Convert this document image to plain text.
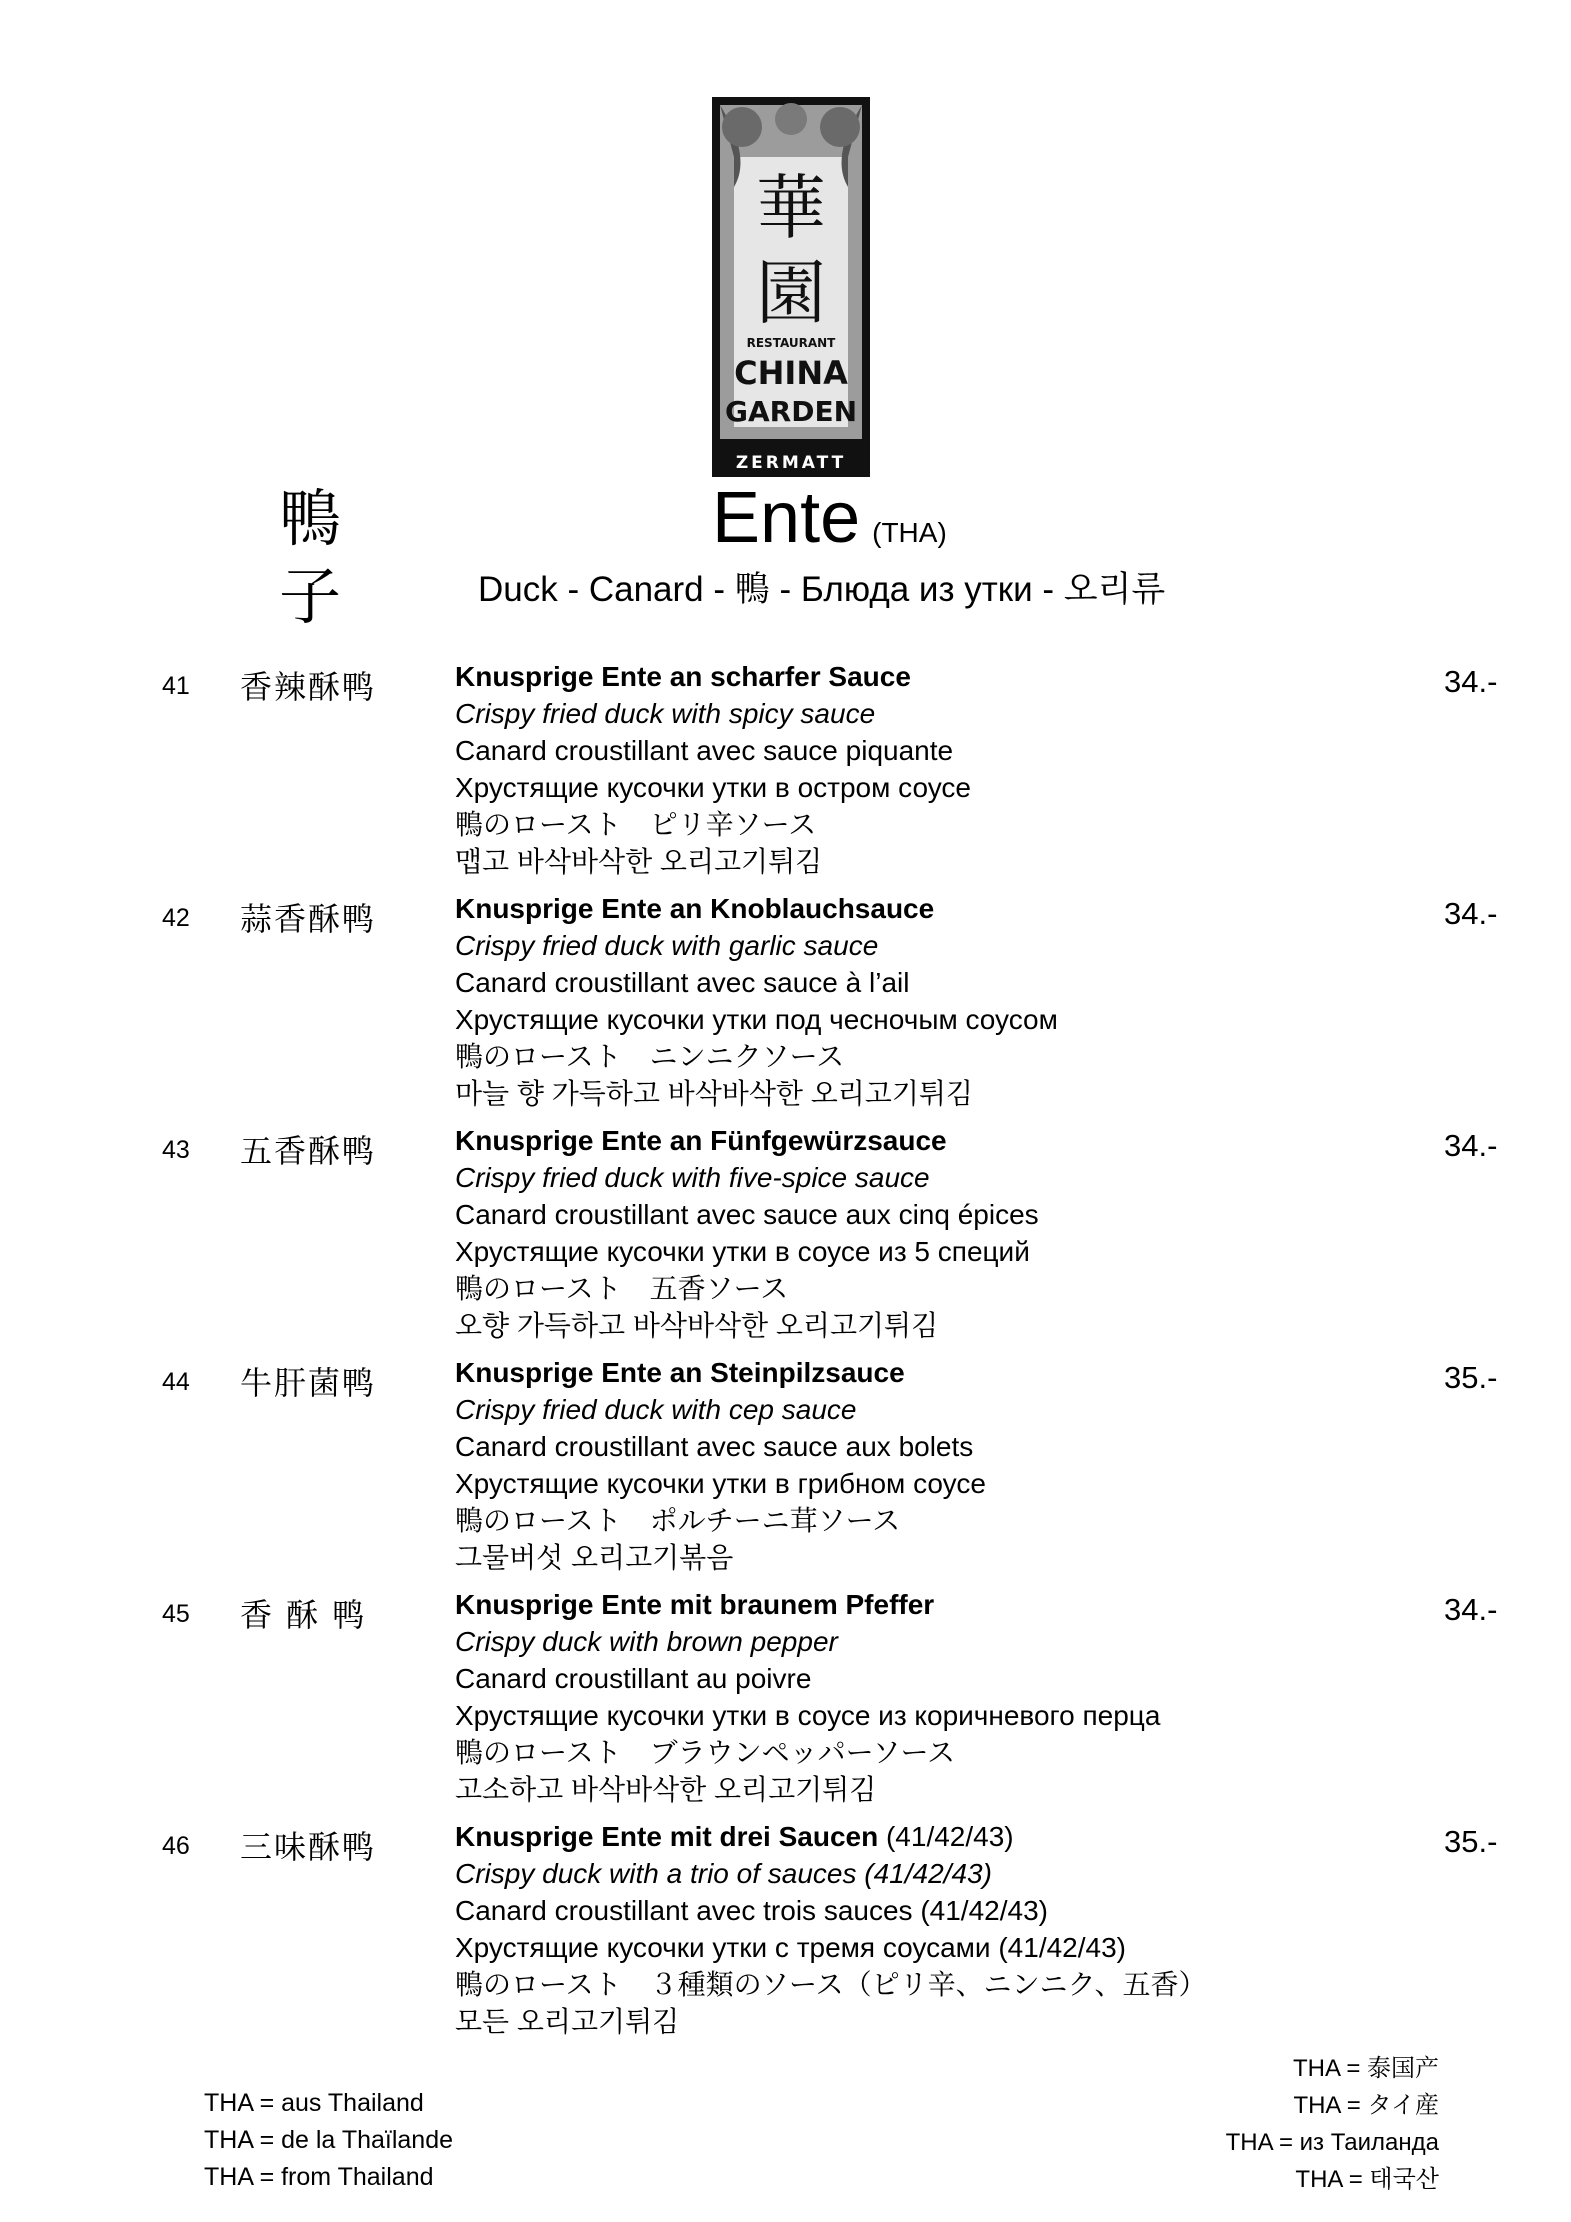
華
園
RESTAURANT
CHINA
GARDEN
ZERMATT
鴨
子
Ente (THA)
Duck - Canard - 鴨 - Блюда из утки - 오리류
41 香辣酥鸭	Knusprige Ente an scharfer Sauce
Crispy fried duck with spicy sauce
Canard croustillant avec sauce piquante
Хрустящие кусочки утки в остром соусе
鴨のロースト　ピリ辛ソース
맵고 바삭바삭한 오리고기튀김
34.-
42 蒜香酥鸭	Knusprige Ente an Knoblauchsauce
Crispy fried duck with garlic sauce
Canard croustillant avec sauce à l’ail
Хрустящие кусочки утки под чесночым соусом
鴨のロースト　ニンニクソース
마늘 향 가득하고 바삭바삭한 오리고기튀김
34.-
43 五香酥鸭	Knusprige Ente an Fünfgewürzsauce
Crispy fried duck with five-spice sauce
Canard croustillant avec sauce aux cinq épices
Хрустящие кусочки утки в соусе из 5 специй
鴨のロースト　五香ソース
오향 가득하고 바삭바삭한 오리고기튀김
34.-
44 牛肝菌鸭	Knusprige Ente an Steinpilzsauce
Crispy fried duck with cep sauce
Canard croustillant avec sauce aux bolets
Хрустящие кусочки утки в грибном соусе
鴨のロースト　ポルチーニ茸ソース
그물버섯 오리고기볶음
35.-
45 香 酥 鸭	Knusprige Ente mit braunem Pfeffer
Crispy duck with brown pepper
Canard croustillant au poivre
Хрустящие кусочки утки в соусе из коричневого перца
鴨のロースト　ブラウンペッパーソース
고소하고 바삭바삭한 오리고기튀김
34.-
46 三味酥鸭	Knusprige Ente mit drei Saucen (41/42/43)
Crispy duck with a trio of sauces (41/42/43)
Canard croustillant avec trois sauces (41/42/43)
Хрустящие кусочки утки с тремя соусами (41/42/43)
鴨のロースト　３種類のソース（ピリ辛、ニンニク、五香）
모든 오리고기튀김
35.-
THA = aus Thailand
THA = de la Thaïlande
THA = from Thailand
THA = 泰国产
THA = タイ産
THA = из Таиланда
THA = 태국산
